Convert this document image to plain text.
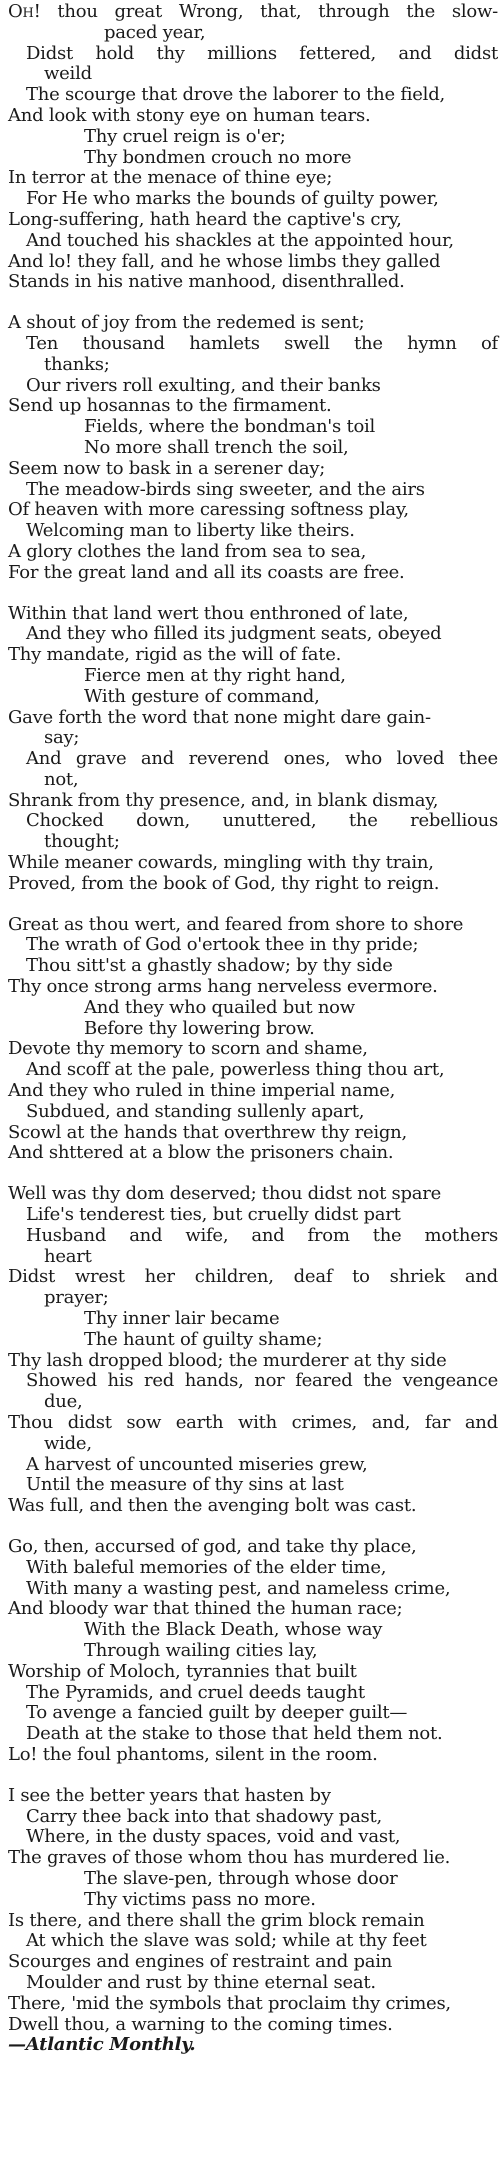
Oh! thou great Wrong, that, through the slow-
paced year,
Didst hold thy millions fettered, and didst
weild
The scourge that drove the laborer to the field,
And look with stony eye on human tears.
Thy cruel reign is o'er;
Thy bondmen crouch no more
In terror at the menace of thine eye;
For He who marks the bounds of guilty power,
Long-suffering, hath heard the captive's cry,
And touched his shackles at the appointed hour,
And lo! they fall, and he whose limbs they galled
Stands in his native manhood, disenthralled.
A shout of joy from the redemed is sent;
Ten thousand hamlets swell the hymn of
thanks;
Our rivers roll exulting, and their banks
Send up hosannas to the firmament.
Fields, where the bondman's toil
No more shall trench the soil,
Seem now to bask in a serener day;
The meadow-birds sing sweeter, and the airs
Of heaven with more caressing softness play,
Welcoming man to liberty like theirs.
A glory clothes the land from sea to sea,
For the great land and all its coasts are free.
Within that land wert thou enthroned of late,
And they who filled its judgment seats, obeyed
Thy mandate, rigid as the will of fate.
Fierce men at thy right hand,
With gesture of command,
Gave forth the word that none might dare gain-
say;
And grave and reverend ones, who loved thee
not,
Shrank from thy presence, and, in blank dismay,
Chocked down, unuttered, the rebellious
thought;
While meaner cowards, mingling with thy train,
Proved, from the book of God, thy right to reign.
Great as thou wert, and feared from shore to shore
The wrath of God o'ertook thee in thy pride;
Thou sitt'st a ghastly shadow; by thy side
Thy once strong arms hang nerveless evermore.
And they who quailed but now
Before thy lowering brow.
Devote thy memory to scorn and shame,
And scoff at the pale, powerless thing thou art,
And they who ruled in thine imperial name,
Subdued, and standing sullenly apart,
Scowl at the hands that overthrew thy reign,
And shttered at a blow the prisoners chain.
Well was thy dom deserved; thou didst not spare
Life's tenderest ties, but cruelly didst part
Husband and wife, and from the mothers
heart
Didst wrest her children, deaf to shriek and
prayer;
Thy inner lair became
The haunt of guilty shame;
Thy lash dropped blood; the murderer at thy side
Showed his red hands, nor feared the vengeance
due,
Thou didst sow earth with crimes, and, far and
wide,
A harvest of uncounted miseries grew,
Until the measure of thy sins at last
Was full, and then the avenging bolt was cast.
Go, then, accursed of god, and take thy place,
With baleful memories of the elder time,
With many a wasting pest, and nameless crime,
And bloody war that thined the human race;
With the Black Death, whose way
Through wailing cities lay,
Worship of Moloch, tyrannies that built
The Pyramids, and cruel deeds taught
To avenge a fancied guilt by deeper guilt—
Death at the stake to those that held them not.
Lo! the foul phantoms, silent in the room.
I see the better years that hasten by
Carry thee back into that shadowy past,
Where, in the dusty spaces, void and vast,
The graves of those whom thou has murdered lie.
The slave-pen, through whose door
Thy victims pass no more.
Is there, and there shall the grim block remain
At which the slave was sold; while at thy feet
Scourges and engines of restraint and pain
Moulder and rust by thine eternal seat.
There, 'mid the symbols that proclaim thy crimes,
Dwell thou, a warning to the coming times.
—Atlantic Monthly.
